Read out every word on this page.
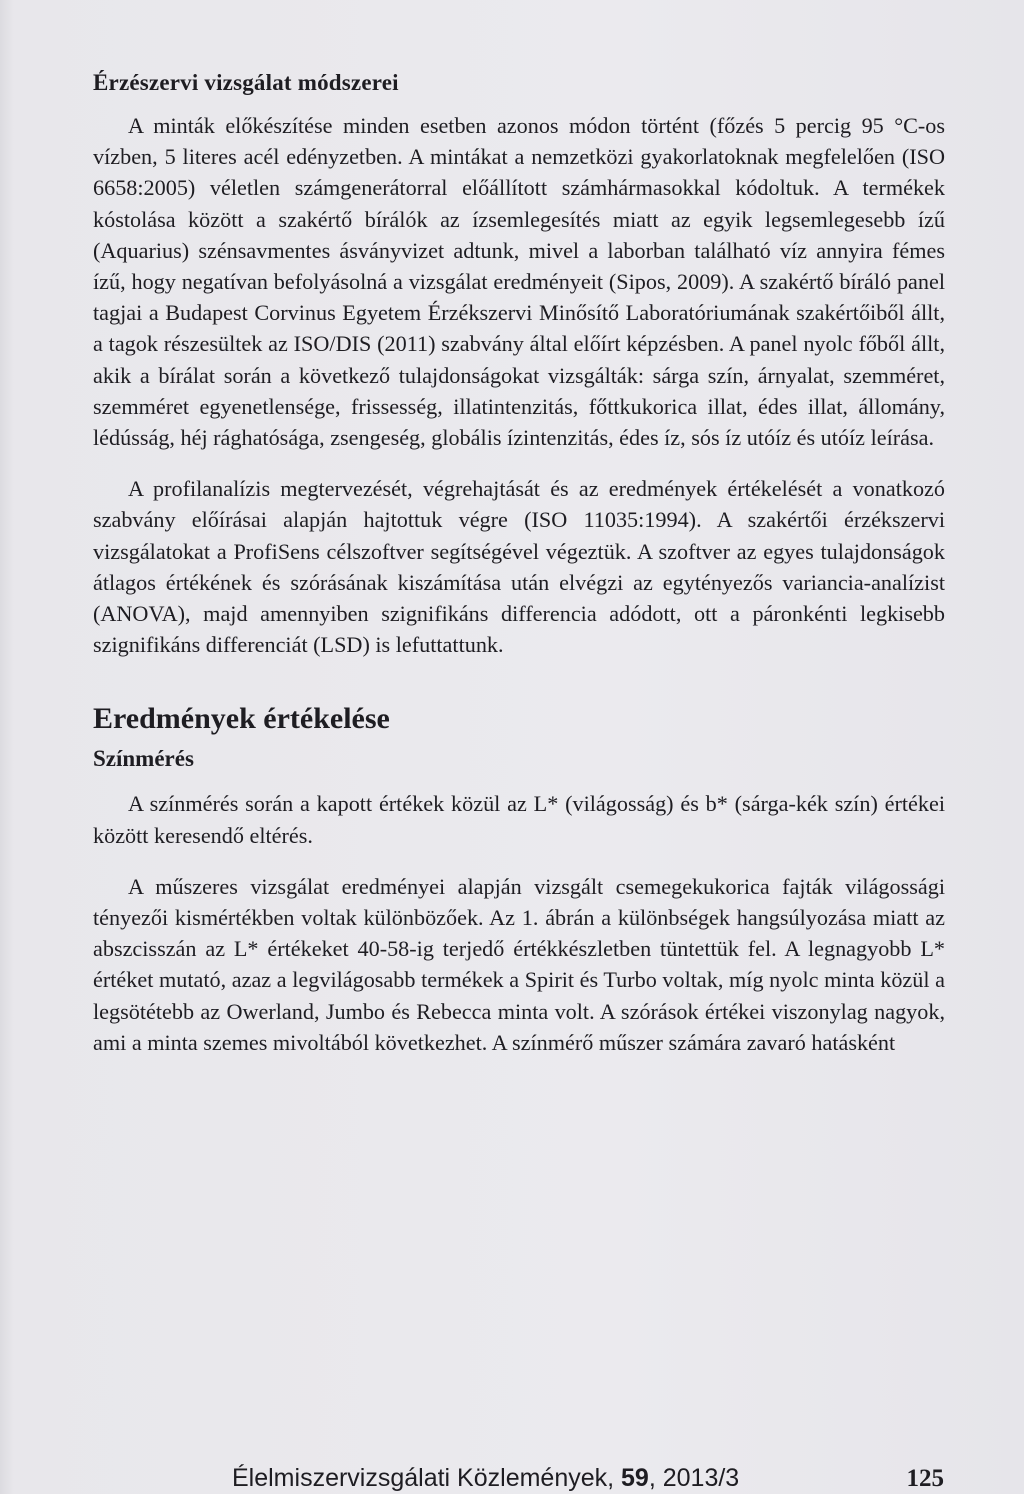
Érzészervi vizsgálat módszerei

A minták előkészítése minden esetben azonos módon történt (főzés 5 percig 95 °C-os vízben, 5 literes acél edényzetben. A mintákat a nemzetközi gyakorlatoknak megfelelően (ISO 6658:2005) véletlen számgenerátorral előállított számhármasokkal kódoltuk. A termékek kóstolása között a szakértő bírálók az ízsemlegesítés miatt az egyik legsemlegesebb ízű (Aquarius) szénsavmentes ásványvizet adtunk, mivel a laborban található víz annyira fémes ízű, hogy negatívan befolyásolná a vizsgálat eredményeit (Sipos, 2009). A szakértő bíráló panel tagjai a Budapest Corvinus Egyetem Érzékszervi Minősítő Laboratóriumának szakértőiből állt, a tagok részesültek az ISO/DIS (2011) szabvány által előírt képzésben. A panel nyolc főből állt, akik a bírálat során a következő tulajdonságokat vizsgálták: sárga szín, árnyalat, szemméret, szemméret egyenetlensége, frissesség, illatintenzitás, főttkukorica illat, édes illat, állomány, lédússág, héj rághatósága, zsengeség, globális ízintenzitás, édes íz, sós íz utóíz és utóíz leírása.

A profilanalízis megtervezését, végrehajtását és az eredmények értékelését a vonatkozó szabvány előírásai alapján hajtottuk végre (ISO 11035:1994). A szakértői érzékszervi vizsgálatokat a ProfiSens célszoftver segítségével végeztük. A szoftver az egyes tulajdonságok átlagos értékének és szórásának kiszámítása után elvégzi az egytényezős variancia-analízist (ANOVA), majd amennyiben szignifikáns differencia adódott, ott a páronkénti legkisebb szignifikáns differenciát (LSD) is lefuttattunk.

Eredmények értékelése
Színmérés

A színmérés során a kapott értékek közül az L* (világosság) és b* (sárga-kék szín) értékei között keresendő eltérés.

A műszeres vizsgálat eredményei alapján vizsgált csemegekukorica fajták világossági tényezői kismértékben voltak különbözőek. Az 1. ábrán a különbségek hangsúlyozása miatt az abszcisszán az L* értékeket 40-58-ig terjedő értékkészletben tüntettük fel. A legnagyobb L* értéket mutató, azaz a legvilágosabb termékek a Spirit és Turbo voltak, míg nyolc minta közül a legsötétebb az Owerland, Jumbo és Rebecca minta volt. A szórások értékei viszonylag nagyok, ami a minta szemes mivoltából következhet. A színmérő műszer számára zavaró hatásként

Élelmiszervizsgálati Közlemények, 59, 2013/3	125
